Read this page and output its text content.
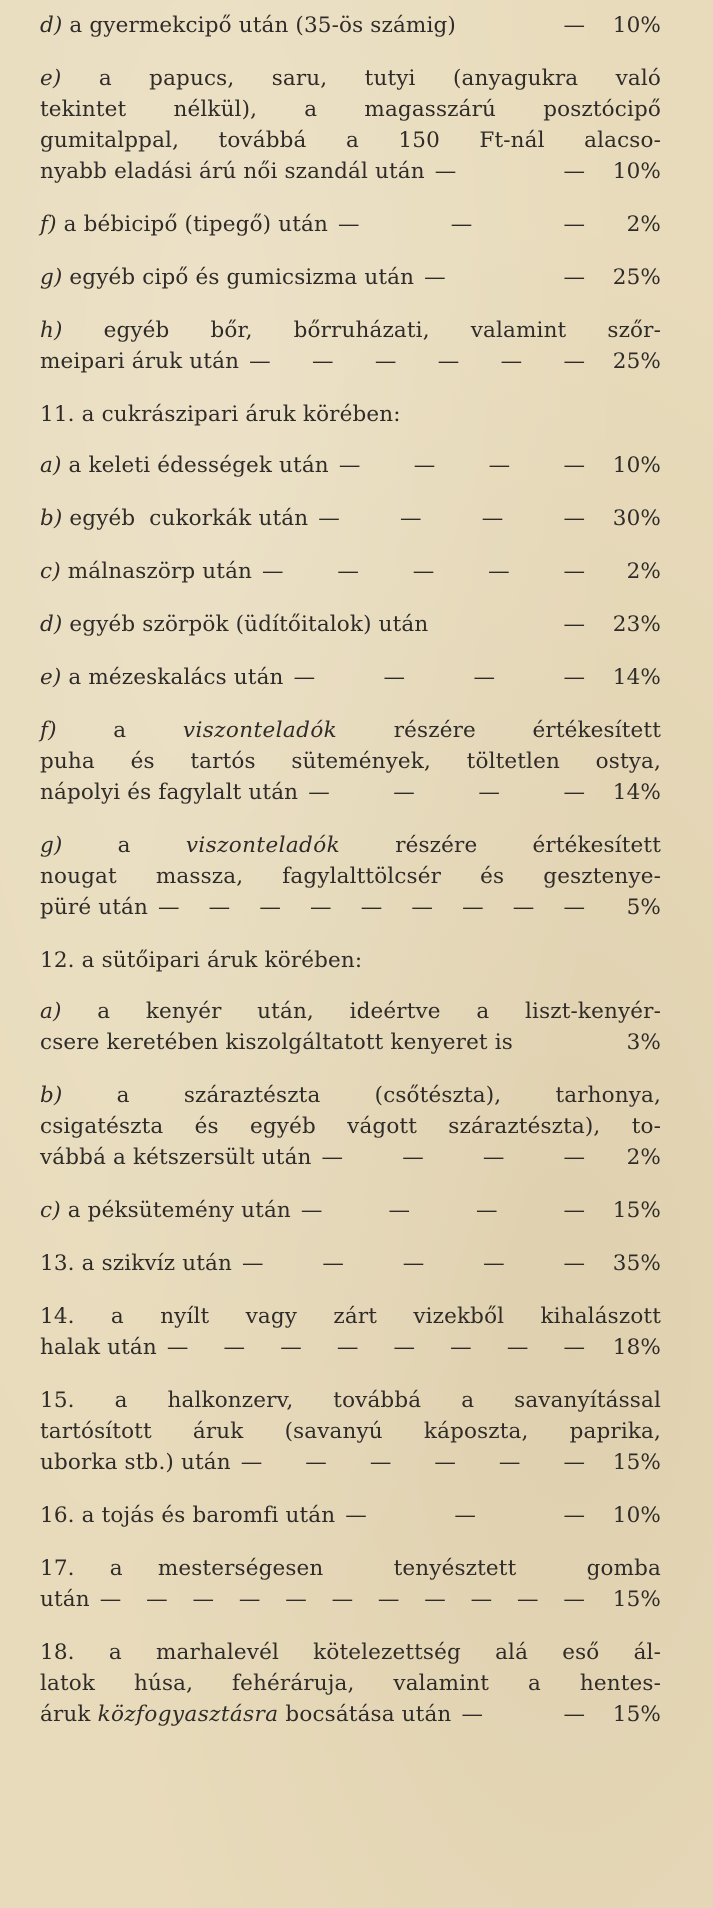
d) a gyermekcipő után (35-ös számig)	—	10%
e) a papucs, saru, tutyi (anyagukra való
tekintet nélkül), a magasszárú posztócipő
gumitalppal, továbbá a 150 Ft-nál alacso-
nyabb eladási árú női szandál után —	—	10%
f) a bébicipő (tipegő) után —	—	—	2%
g) egyéb cipő és gumicsizma után —	—	25%
h) egyéb bőr, bőrruházati, valamint szőr-
meipari áruk után — — — — — —	25%
11. a cukrászipari áruk körében:
a) a keleti édességek után — — — —	10%
b) egyéb  cukorkák után —	—	—	—	30%
c) málnaszörp után —	—	—	—	—	2%
d) egyéb szörpök (üdítőitalok) után	—	23%
e) a mézeskalács után —	—	—	—	14%
f) a viszonteladók részére értékesített
puha és tartós sütemények, töltetlen ostya,
nápolyi és fagylalt után —	—	—	—	14%
g) a viszonteladók részére értékesített
nougat massza, fagylalttölcsér és gesztenye-
püré után — — — — — — — — —	5%
12. a sütőipari áruk körében:
a) a kenyér után, ideértve a liszt-kenyér-
csere keretében kiszolgáltatott kenyeret is	3%
b) a száraztészta (csőtészta), tarhonya,
csigatészta és egyéb vágott száraztészta), to-
vábbá a kétszersült után —	—	—	—	2%
c) a péksütemény után —	—	—	—	15%
13. a szikvíz után —	—	—	—	—	35%
14. a nyílt vagy zárt vizekből kihalászott
halak után — — — — — — — —	18%
15. a halkonzerv, továbbá a savanyítással
tartósított áruk (savanyú káposzta, paprika,
uborka stb.) után — — — — — —	15%
16. a tojás és baromfi után —	—	—	10%
17. a mesterségesen  tenyésztett  gomba
után — — — — — — — — — — —	15%
18. a marhalevél kötelezettség alá eső ál-
latok húsa, fehéráruja, valamint a hentes-
áruk közfogyasztásra bocsátása után —	—	15%
